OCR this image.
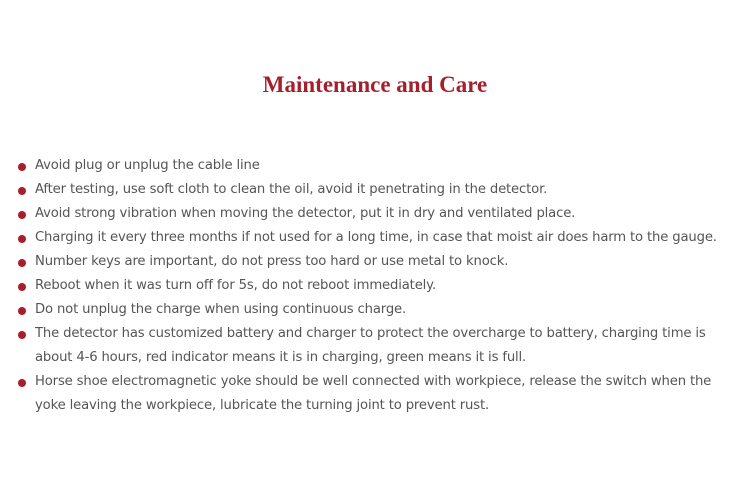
Maintenance and Care
Avoid plug or unplug the cable line
After testing, use soft cloth to clean the oil, avoid it penetrating in the detector.
Avoid strong vibration when moving the detector, put it in dry and ventilated place.
Charging it every three months if not used for a long time, in case that moist air does harm to the gauge.
Number keys are important, do not press too hard or use metal to knock.
Reboot when it was turn off for 5s, do not reboot immediately.
Do not unplug the charge when using continuous charge.
The detector has customized battery and charger to protect the overcharge to battery, charging time is about 4-6 hours, red indicator means it is in charging, green means it is full.
Horse shoe electromagnetic yoke should be well connected with workpiece, release the switch when the yoke leaving the workpiece, lubricate the turning joint to prevent rust.
